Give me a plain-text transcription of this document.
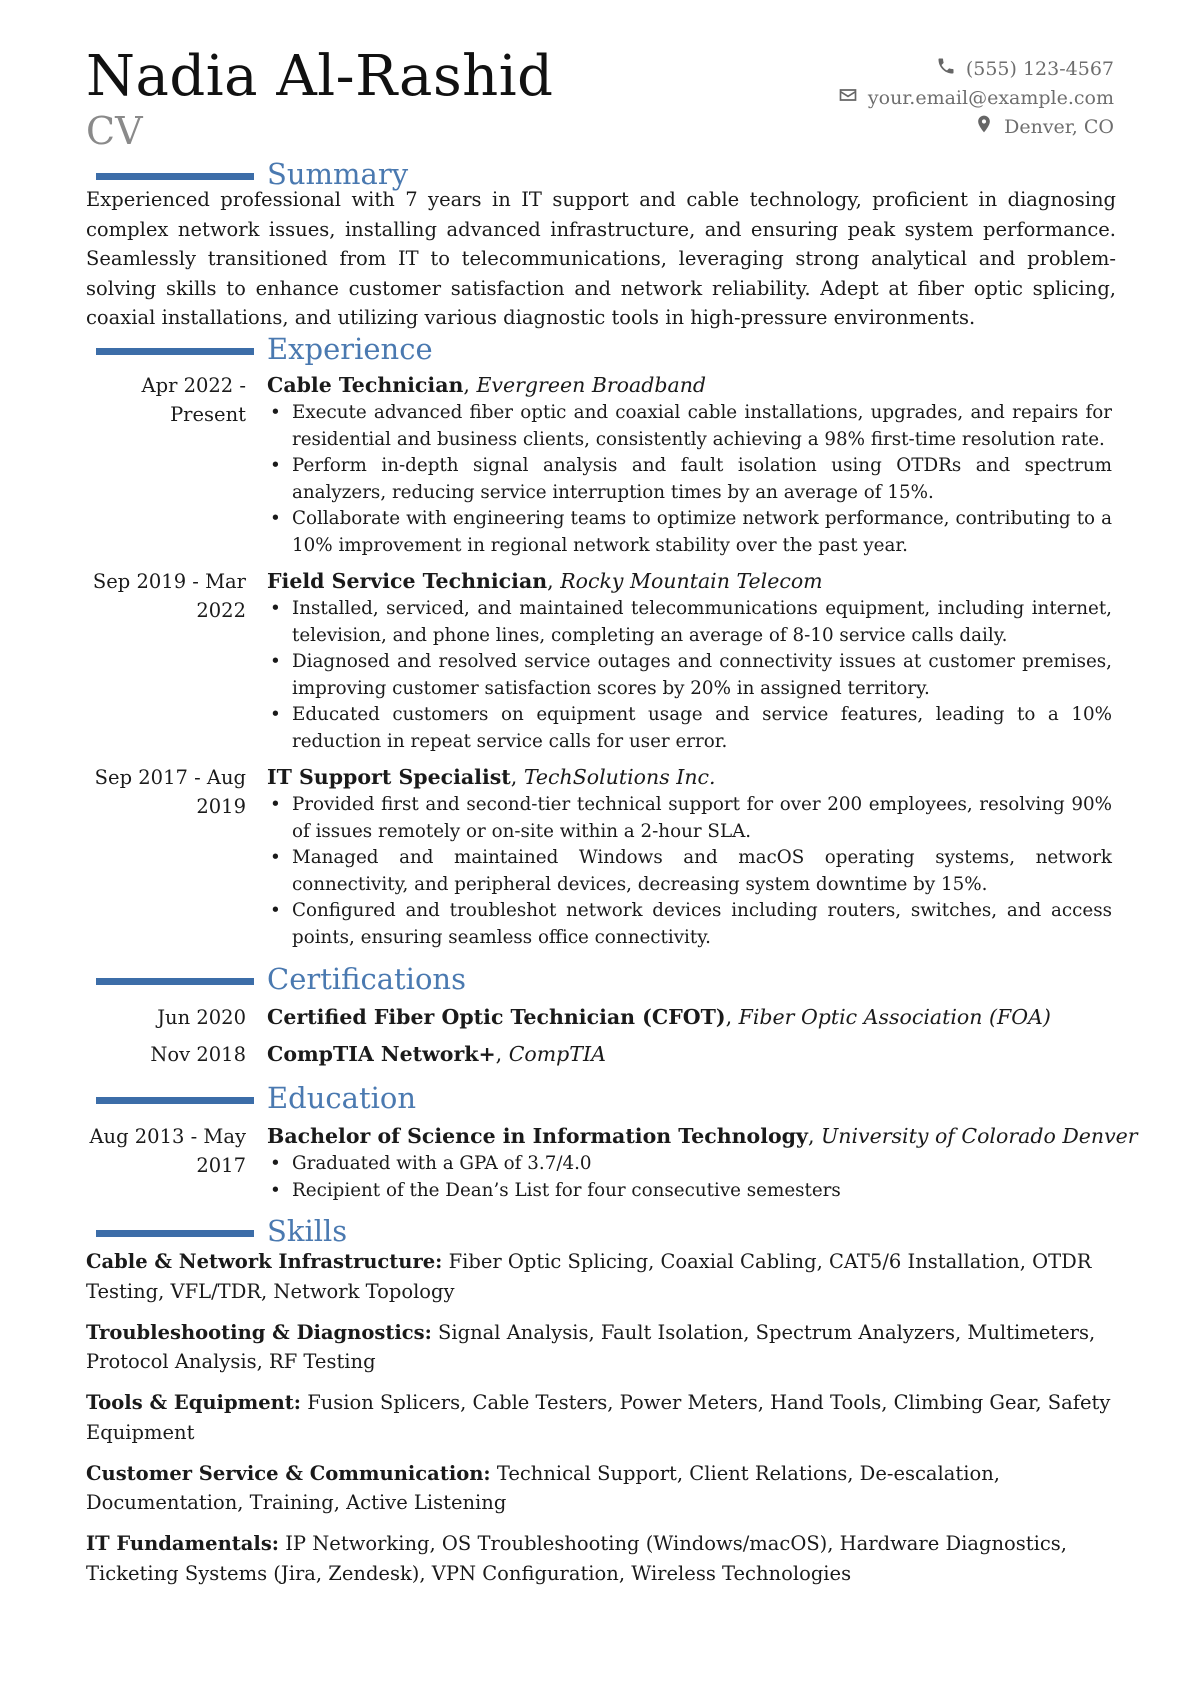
Nadia Al-Rashid
CV
(555) 123-4567
your.email@example.com
Denver, CO
Summary
Experienced professional with 7 years in IT support and cable technology, proficient in diagnosing complex network issues, installing advanced infrastructure, and ensuring peak system performance. Seamlessly transitioned from IT to telecommunications, leveraging strong analytical and problem-solving skills to enhance customer satisfaction and network reliability. Adept at fiber optic splicing, coaxial installations, and utilizing various diagnostic tools in high-pressure environments.
Experience
Apr 2022 - Present
Cable Technician, Evergreen Broadband
• Execute advanced fiber optic and coaxial cable installations, upgrades, and repairs for residential and business clients, consistently achieving a 98% first-time resolution rate.
• Perform in-depth signal analysis and fault isolation using OTDRs and spectrum analyzers, reducing service interruption times by an average of 15%.
• Collaborate with engineering teams to optimize network performance, contributing to a 10% improvement in regional network stability over the past year.
Sep 2019 - Mar 2022
Field Service Technician, Rocky Mountain Telecom
• Installed, serviced, and maintained telecommunications equipment, including internet, television, and phone lines, completing an average of 8-10 service calls daily.
• Diagnosed and resolved service outages and connectivity issues at customer premises, improving customer satisfaction scores by 20% in assigned territory.
• Educated customers on equipment usage and service features, leading to a 10% reduction in repeat service calls for user error.
Sep 2017 - Aug 2019
IT Support Specialist, TechSolutions Inc.
• Provided first and second-tier technical support for over 200 employees, resolving 90% of issues remotely or on-site within a 2-hour SLA.
• Managed and maintained Windows and macOS operating systems, network connectivity, and peripheral devices, decreasing system downtime by 15%.
• Configured and troubleshot network devices including routers, switches, and access points, ensuring seamless office connectivity.
Certifications
Jun 2020 Certified Fiber Optic Technician (CFOT), Fiber Optic Association (FOA)
Nov 2018 CompTIA Network+, CompTIA
Education
Aug 2013 - May 2017
Bachelor of Science in Information Technology, University of Colorado Denver
• Graduated with a GPA of 3.7/4.0
• Recipient of the Dean’s List for four consecutive semesters
Skills
Cable & Network Infrastructure: Fiber Optic Splicing, Coaxial Cabling, CAT5/6 Installation, OTDR Testing, VFL/TDR, Network Topology
Troubleshooting & Diagnostics: Signal Analysis, Fault Isolation, Spectrum Analyzers, Multimeters, Protocol Analysis, RF Testing
Tools & Equipment: Fusion Splicers, Cable Testers, Power Meters, Hand Tools, Climbing Gear, Safety Equipment
Customer Service & Communication: Technical Support, Client Relations, De-escalation, Documentation, Training, Active Listening
IT Fundamentals: IP Networking, OS Troubleshooting (Windows/macOS), Hardware Diagnostics, Ticketing Systems (Jira, Zendesk), VPN Configuration, Wireless Technologies
